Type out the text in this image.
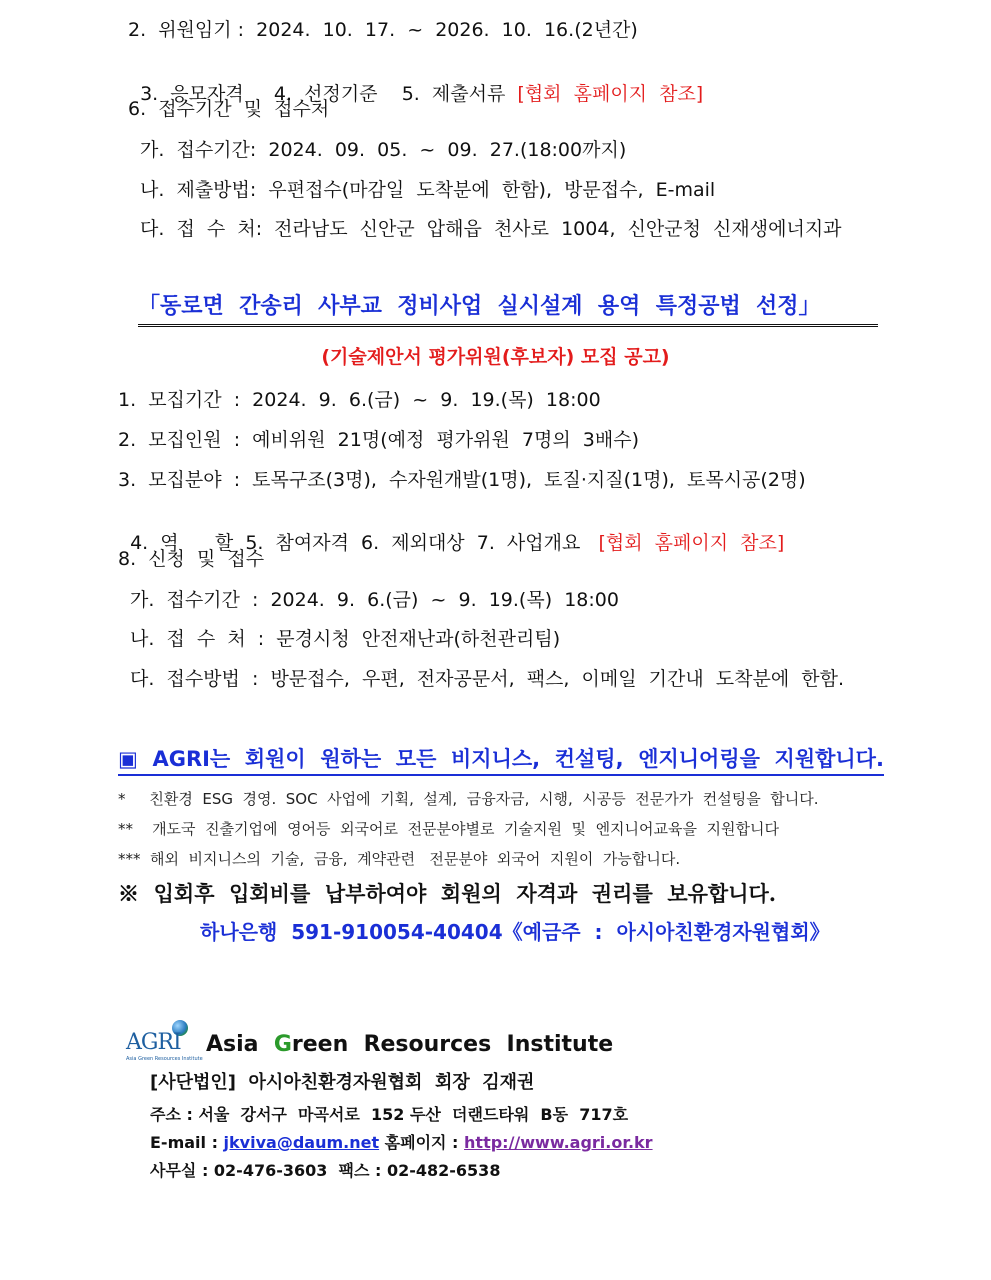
2.  위원임기 :  2024.  10.  17.  ~  2026.  10.  16.(2년간)

3.  응모자격     4.  선정기준    5.  제출서류  [협회  홈페이지  참조]

6.  접수기간  및  접수처
가.  접수기간:  2024.  09.  05.  ~  09.  27.(18:00까지)
나.  제출방법:  우편접수(마감일  도착분에  한함),  방문접수,  E-mail
다.  접  수  처:  전라남도  신안군  압해읍  천사로  1004,  신안군청  신재생에너지과
「동로면  간송리  사부교  정비사업  실시설계  용역  특정공법  선정」
(기술제안서 평가위원(후보자) 모집 공고)
1.  모집기간  :  2024.  9.  6.(금)  ~  9.  19.(목)  18:00
2.  모집인원  :  예비위원  21명(예정  평가위원  7명의  3배수)
3.  모집분야  :  토목구조(3명),  수자원개발(1명),  토질·지질(1명),  토목시공(2명)

4.  역      할  5.  참여자격  6.  제외대상  7.  사업개요   [협회  홈페이지  참조]

8.  신청  및  접수
가.  접수기간  :  2024.  9.  6.(금)  ~  9.  19.(목)  18:00
나.  접  수  처  :  문경시청  안전재난과(하천관리팀)
다.  접수방법  :  방문접수,  우편,  전자공문서,  팩스,  이메일  기간내  도착분에  한함.
▣  AGRI는  회원이  원하는  모든  비지니스,  컨설팅,  엔지니어링을  지원합니다.
*     친환경  ESG  경영.  SOC  사업에  기획,  설계,  금융자금,  시행,  시공등  전문가가  컨설팅을  합니다.
**    개도국  진출기업에  영어등  외국어로  전문분야별로  기술지원  및  엔지니어교육을  지원합니다
***  해외  비지니스의  기술,  금융,  계약관련   전문분야  외국어  지원이  가능합니다.
※  입회후  입회비를  납부하여야  회원의  자격과  권리를  보유합니다.
하나은행  591-910054-40404《예금주  :  아시아친환경자원협회》
AGRI
Asia Green Resources Institute
Asia  Green  Resources  Institute
[사단법인]  아시아친환경자원협회  회장  김재권
주소 : 서울  강서구  마곡서로  152 두산  더랜드타워  B동  717호
E-mail : jkviva@daum.net 홈페이지 : http://www.agri.or.kr
사무실 : 02-476-3603  팩스 : 02-482-6538
